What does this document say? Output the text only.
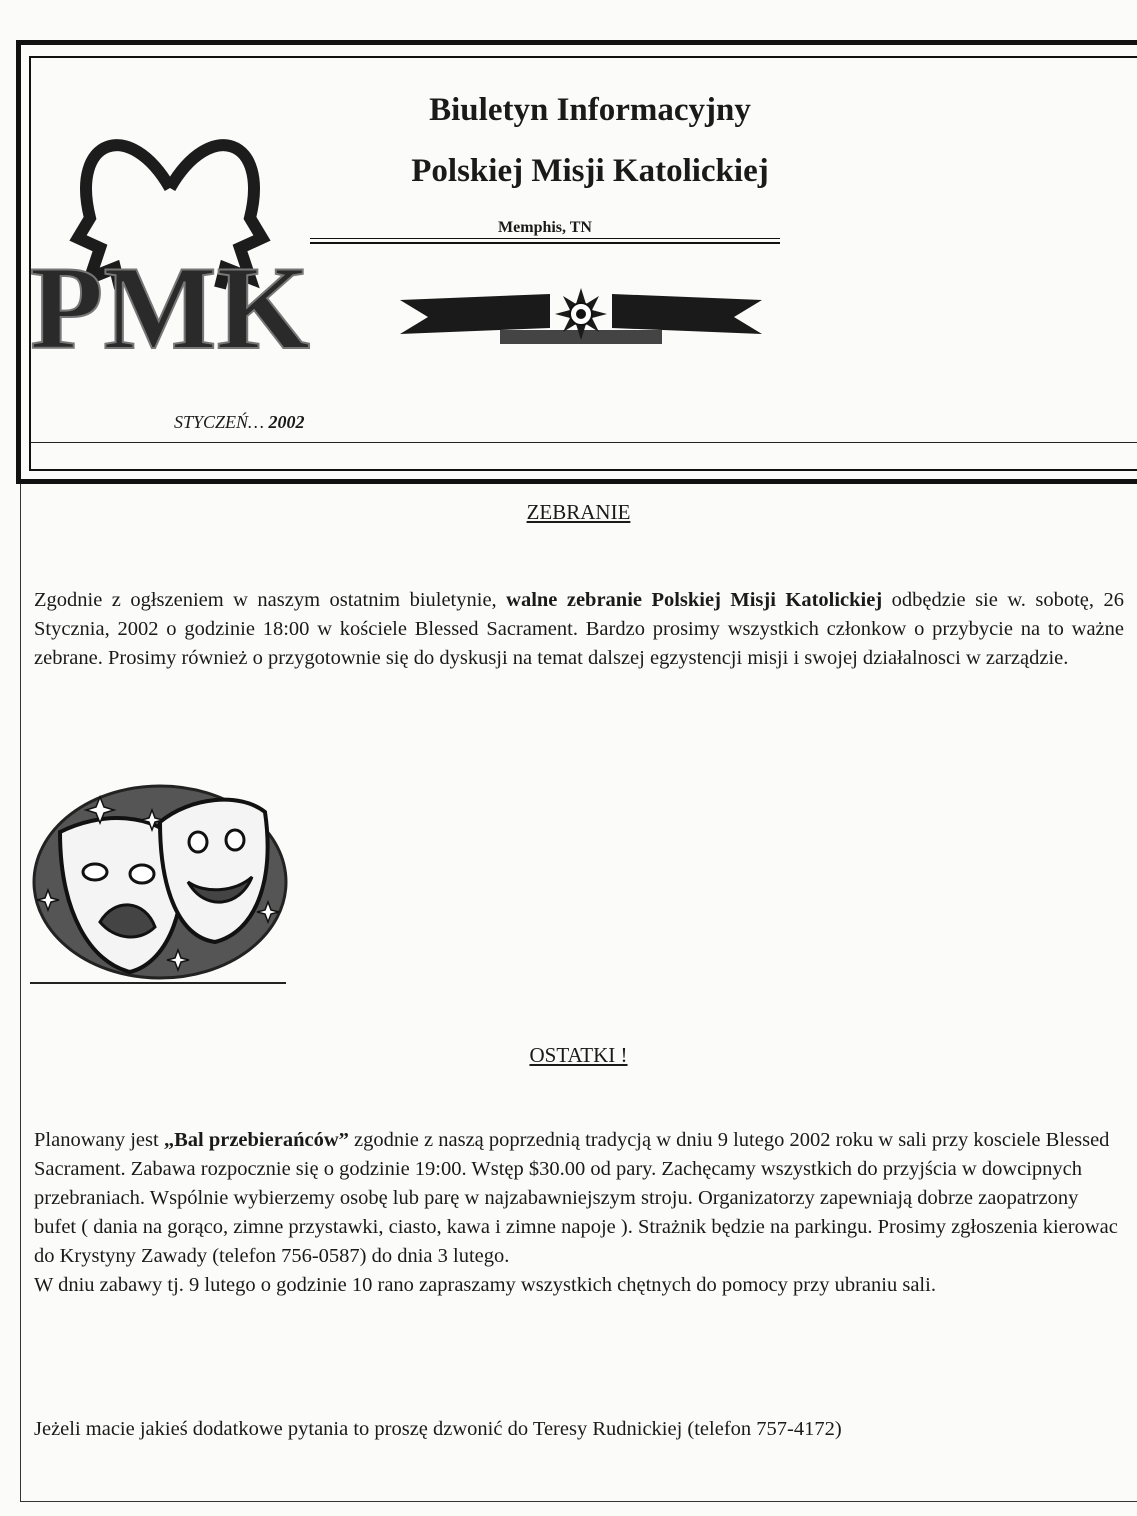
PMK
Biuletyn Informacyjny
Polskiej Misji Katolickiej
Memphis, TN
STYCZEŃ… 2002
ZEBRANIE
Zgodnie z ogłszeniem w naszym ostatnim biuletynie, walne zebranie Polskiej Misji Katolickiej odbędzie sie w. sobotę, 26 Stycznia, 2002 o godzinie 18:00 w kościele Blessed Sacrament. Bardzo prosimy wszystkich członkow o przybycie na to ważne zebrane. Prosimy również o przygotownie się do dyskusji na temat dalszej egzystencji misji i swojej działalnosci w zarządzie.
OSTATKI !
Planowany jest „Bal przebierańców” zgodnie z naszą poprzednią tradycją w dniu 9 lutego 2002 roku w sali przy kosciele Blessed Sacrament. Zabawa rozpocznie się o godzinie 19:00. Wstęp $30.00 od pary. Zachęcamy wszystkich do przyjścia w dowcipnych przebraniach. Wspólnie wybierzemy osobę lub parę w najzabawniejszym stroju. Organizatorzy zapewniają dobrze zaopatrzony bufet ( dania na gorąco, zimne przystawki, ciasto, kawa i zimne napoje ). Strażnik będzie na parkingu. Prosimy zgłoszenia kierowac do Krystyny Zawady (telefon 756-0587) do dnia 3 lutego.
W dniu zabawy tj. 9 lutego o godzinie 10 rano zapraszamy wszystkich chętnych do pomocy przy ubraniu sali.
Jeżeli macie jakieś dodatkowe pytania to proszę dzwonić do Teresy Rudnickiej (telefon 757-4172)
